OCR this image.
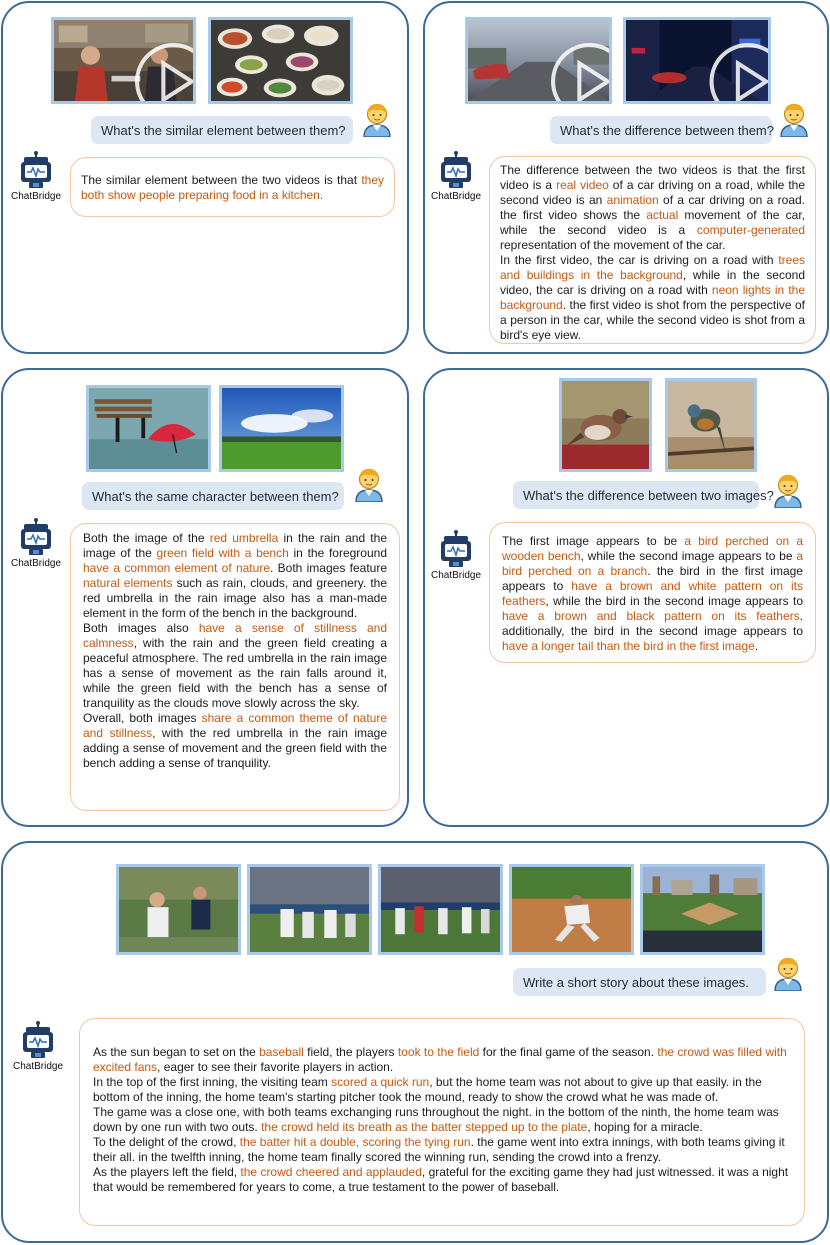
What's the similar element between them?
ChatBridge
The similar element between the two videos is that they both show people preparing food in a kitchen.
What's the difference between them?
ChatBridge
The difference between the two videos is that the first video is a real video of a car driving on a road, while the second video is an animation of a car driving on a road. the first video shows the actual movement of the car, while the second video is a computer-generated representation of the movement of the car.
In the first video, the car is driving on a road with trees and buildings in the background, while in the second video, the car is driving on a road with neon lights in the background. the first video is shot from the perspective of a person in the car, while the second video is shot from a bird's eye view.
What's the same character between them?
ChatBridge
Both the image of the red umbrella in the rain and the image of the green field with a bench in the foreground have a common element of nature. Both images feature natural elements such as rain, clouds, and greenery. the red umbrella in the rain image also has a man-made element in the form of the bench in the background.
Both images also have a sense of stillness and calmness, with the rain and the green field creating a peaceful atmosphere. The red umbrella in the rain image has a sense of movement as the rain falls around it, while the green field with the bench has a sense of tranquility as the clouds move slowly across the sky.
Overall, both images share a common theme of nature and stillness, with the red umbrella in the rain image adding a sense of movement and the green field with the bench adding a sense of tranquility.
What's the difference between two images?
ChatBridge
The first image appears to be a bird perched on a wooden bench, while the second image appears to be a bird perched on a branch. the bird in the first image appears to have a brown and white pattern on its feathers, while the bird in the second image appears to have a brown and black pattern on its feathers. additionally, the bird in the second image appears to have a longer tail than the bird in the first image.
Write a short story about these images.
ChatBridge
As the sun began to set on the baseball field, the players took to the field for the final game of the season. the crowd was filled with excited fans, eager to see their favorite players in action.
In the top of the first inning, the visiting team scored a quick run, but the home team was not about to give up that easily. in the bottom of the inning, the home team's starting pitcher took the mound, ready to show the crowd what he was made of.
The game was a close one, with both teams exchanging runs throughout the night. in the bottom of the ninth, the home team was down by one run with two outs. the crowd held its breath as the batter stepped up to the plate, hoping for a miracle.
To the delight of the crowd, the batter hit a double, scoring the tying run. the game went into extra innings, with both teams giving it their all. in the twelfth inning, the home team finally scored the winning run, sending the crowd into a frenzy.
As the players left the field, the crowd cheered and applauded, grateful for the exciting game they had just witnessed. it was a night that would be remembered for years to come, a true testament to the power of baseball.
